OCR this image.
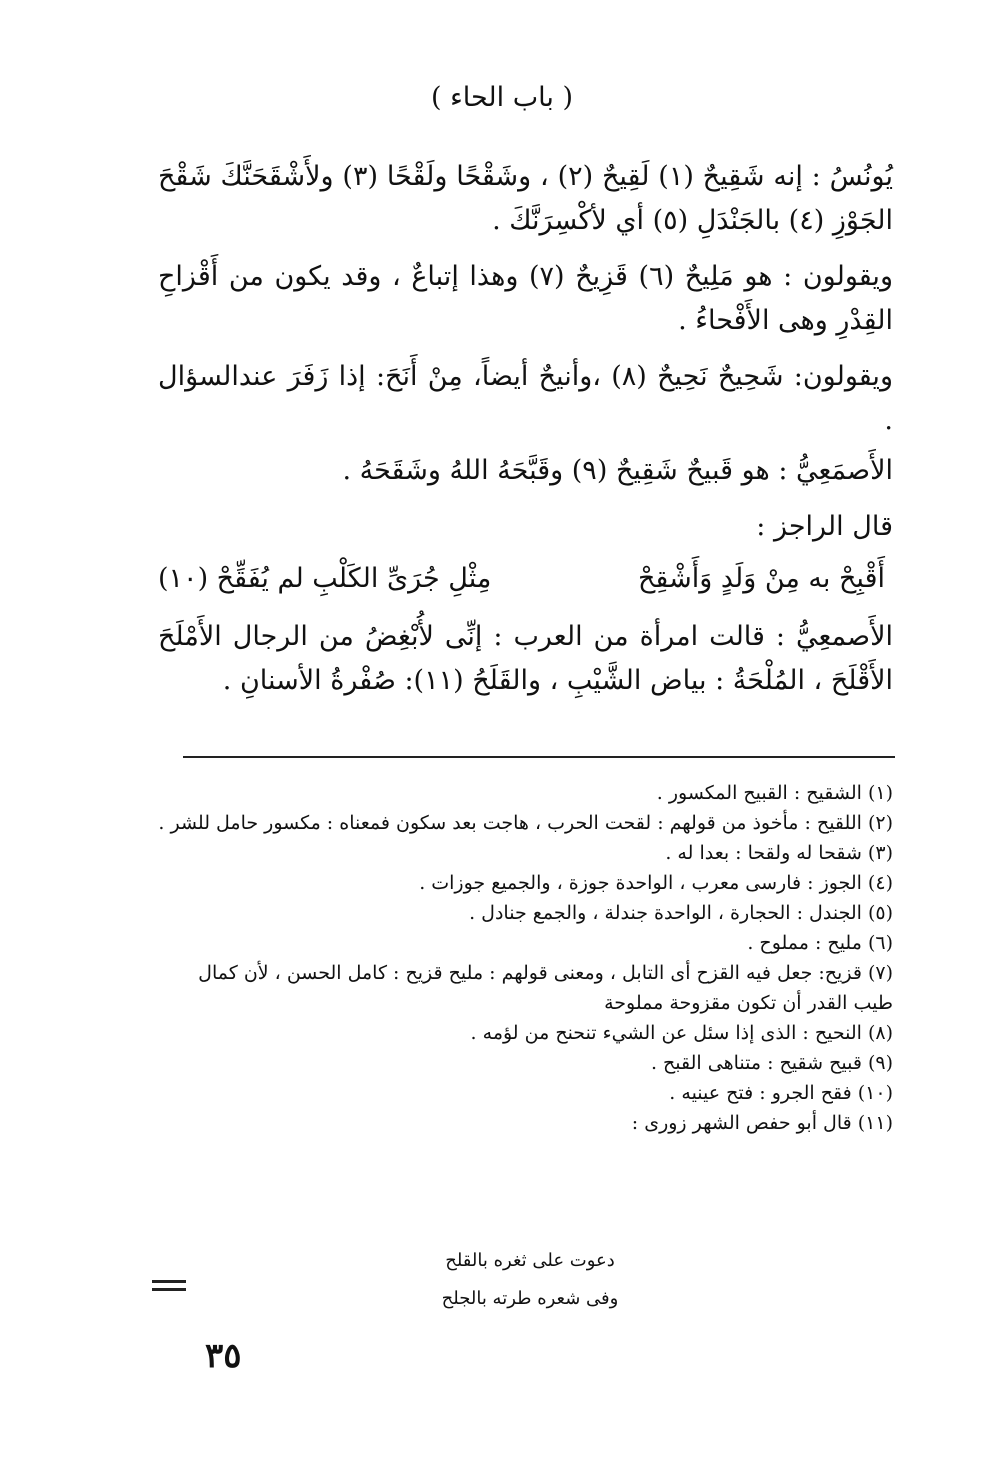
( باب الحاء )

يُونُسُ : إنه شَقِيحٌ (١) لَقِيحٌ (٢) ، وشَقْحًا ولَقْحًا (٣) ولأَشْقَحَنَّكَ شَقْحَ الجَوْزِ (٤) بالجَنْدَلِ (٥) أي لأكْسِرَنَّكَ .

ويقولون : هو مَلِيحٌ (٦) قَزِيحٌ (٧) وهذا إتباعٌ ، وقد يكون من أَقْزاحِ القِدْرِ وهى الأَفْحاءُ .

ويقولون: شَحِيحٌ نَحِيحٌ (٨) ،وأنيحٌ أيضاً، مِنْ أَنَحَ: إذا زَفَرَ عندالسؤال .

الأَصمَعِيُّ : هو قَبيحٌ شَقِيحٌ (٩) وقَبَّحَهُ اللهُ وشَقَحَهُ .

قال الراجز :

أَقْبِحْ به مِنْ وَلَدٍ وَأَشْقِحْ
مِثْلِ جُرَىِّ الكَلْبِ لم يُفَقِّحْ (١٠)

الأَصمعِيُّ : قالت امرأة من العرب : إنِّى لأُبْغِضُ من الرجال الأَمْلَحَ الأَقْلَحَ ، المُلْحَةُ : بياض الشَّيْبِ ، والقَلَحُ (١١): صُفْرةُ الأسنانِ .

(١) الشقيح : القبيح المكسور .

(٢) اللقيح : مأخوذ من قولهم : لقحت الحرب ، هاجت بعد سكون فمعناه : مكسور حامل للشر .

(٣) شقحا له ولقحا : بعدا له .

(٤) الجوز : فارسى معرب ، الواحدة جوزة ، والجميع جوزات .

(٥) الجندل : الحجارة ، الواحدة جندلة ، والجمع جنادل .

(٦) مليح : مملوح .

(٧) قزيح: جعل فيه القزح أى التابل ، ومعنى قولهم : مليح قزيح : كامل الحسن ، لأن كمال طيب القدر أن تكون مقزوحة مملوحة

(٨) النحيح : الذى إذا سئل عن الشيء تنحنح من لؤمه .

(٩) قبيح شقيح : متناهى القبح .

(١٠) فقح الجرو : فتح عينيه .

(١١) قال أبو حفص الشهر زورى :

دعوت على ثغره بالقلح
وفى شعره طرته بالجلح
٣٥
